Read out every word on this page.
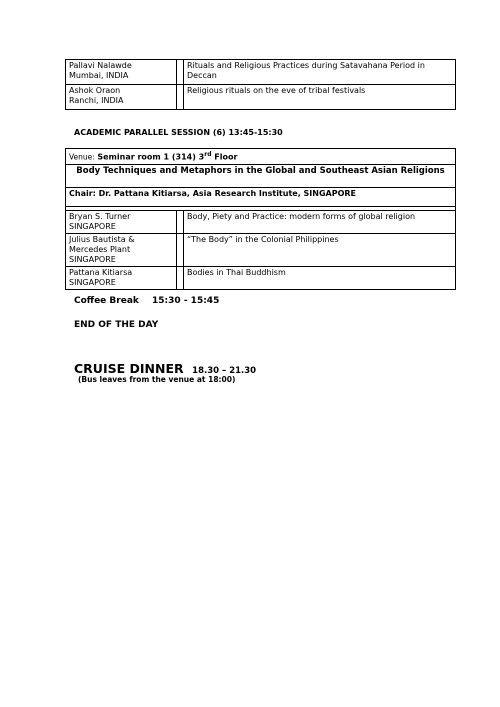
Pallavi Nalawde
Mumbai, INDIA		Rituals and Religious Practices during Satavahana Period in Deccan

Ashok Oraon
Ranchi, INDIA		Religious rituals on the eve of tribal festivals
ACADEMIC PARALLEL SESSION (6) 13:45-15:30
Venue: Seminar room 1 (314) 3rd Floor		
Body Techniques and Metaphors in the Global and Southeast Asian Religions		
Chair: Dr. Pattana Kitiarsa, Asia Research Institute, SINGAPORE		

Bryan S. Turner
SINGAPORE		Body, Piety and Practice: modern forms of global religion

Julius Bautista & Mercedes Plant
SINGAPORE		“The Body” in the Colonial Philippines

Pattana Kitiarsa
SINGAPORE		Bodies in Thai Buddhism
Coffee Break 15:30 - 15:45
END OF THE DAY
CRUISE DINNER 18.30 – 21.30
(Bus leaves from the venue at 18:00)
